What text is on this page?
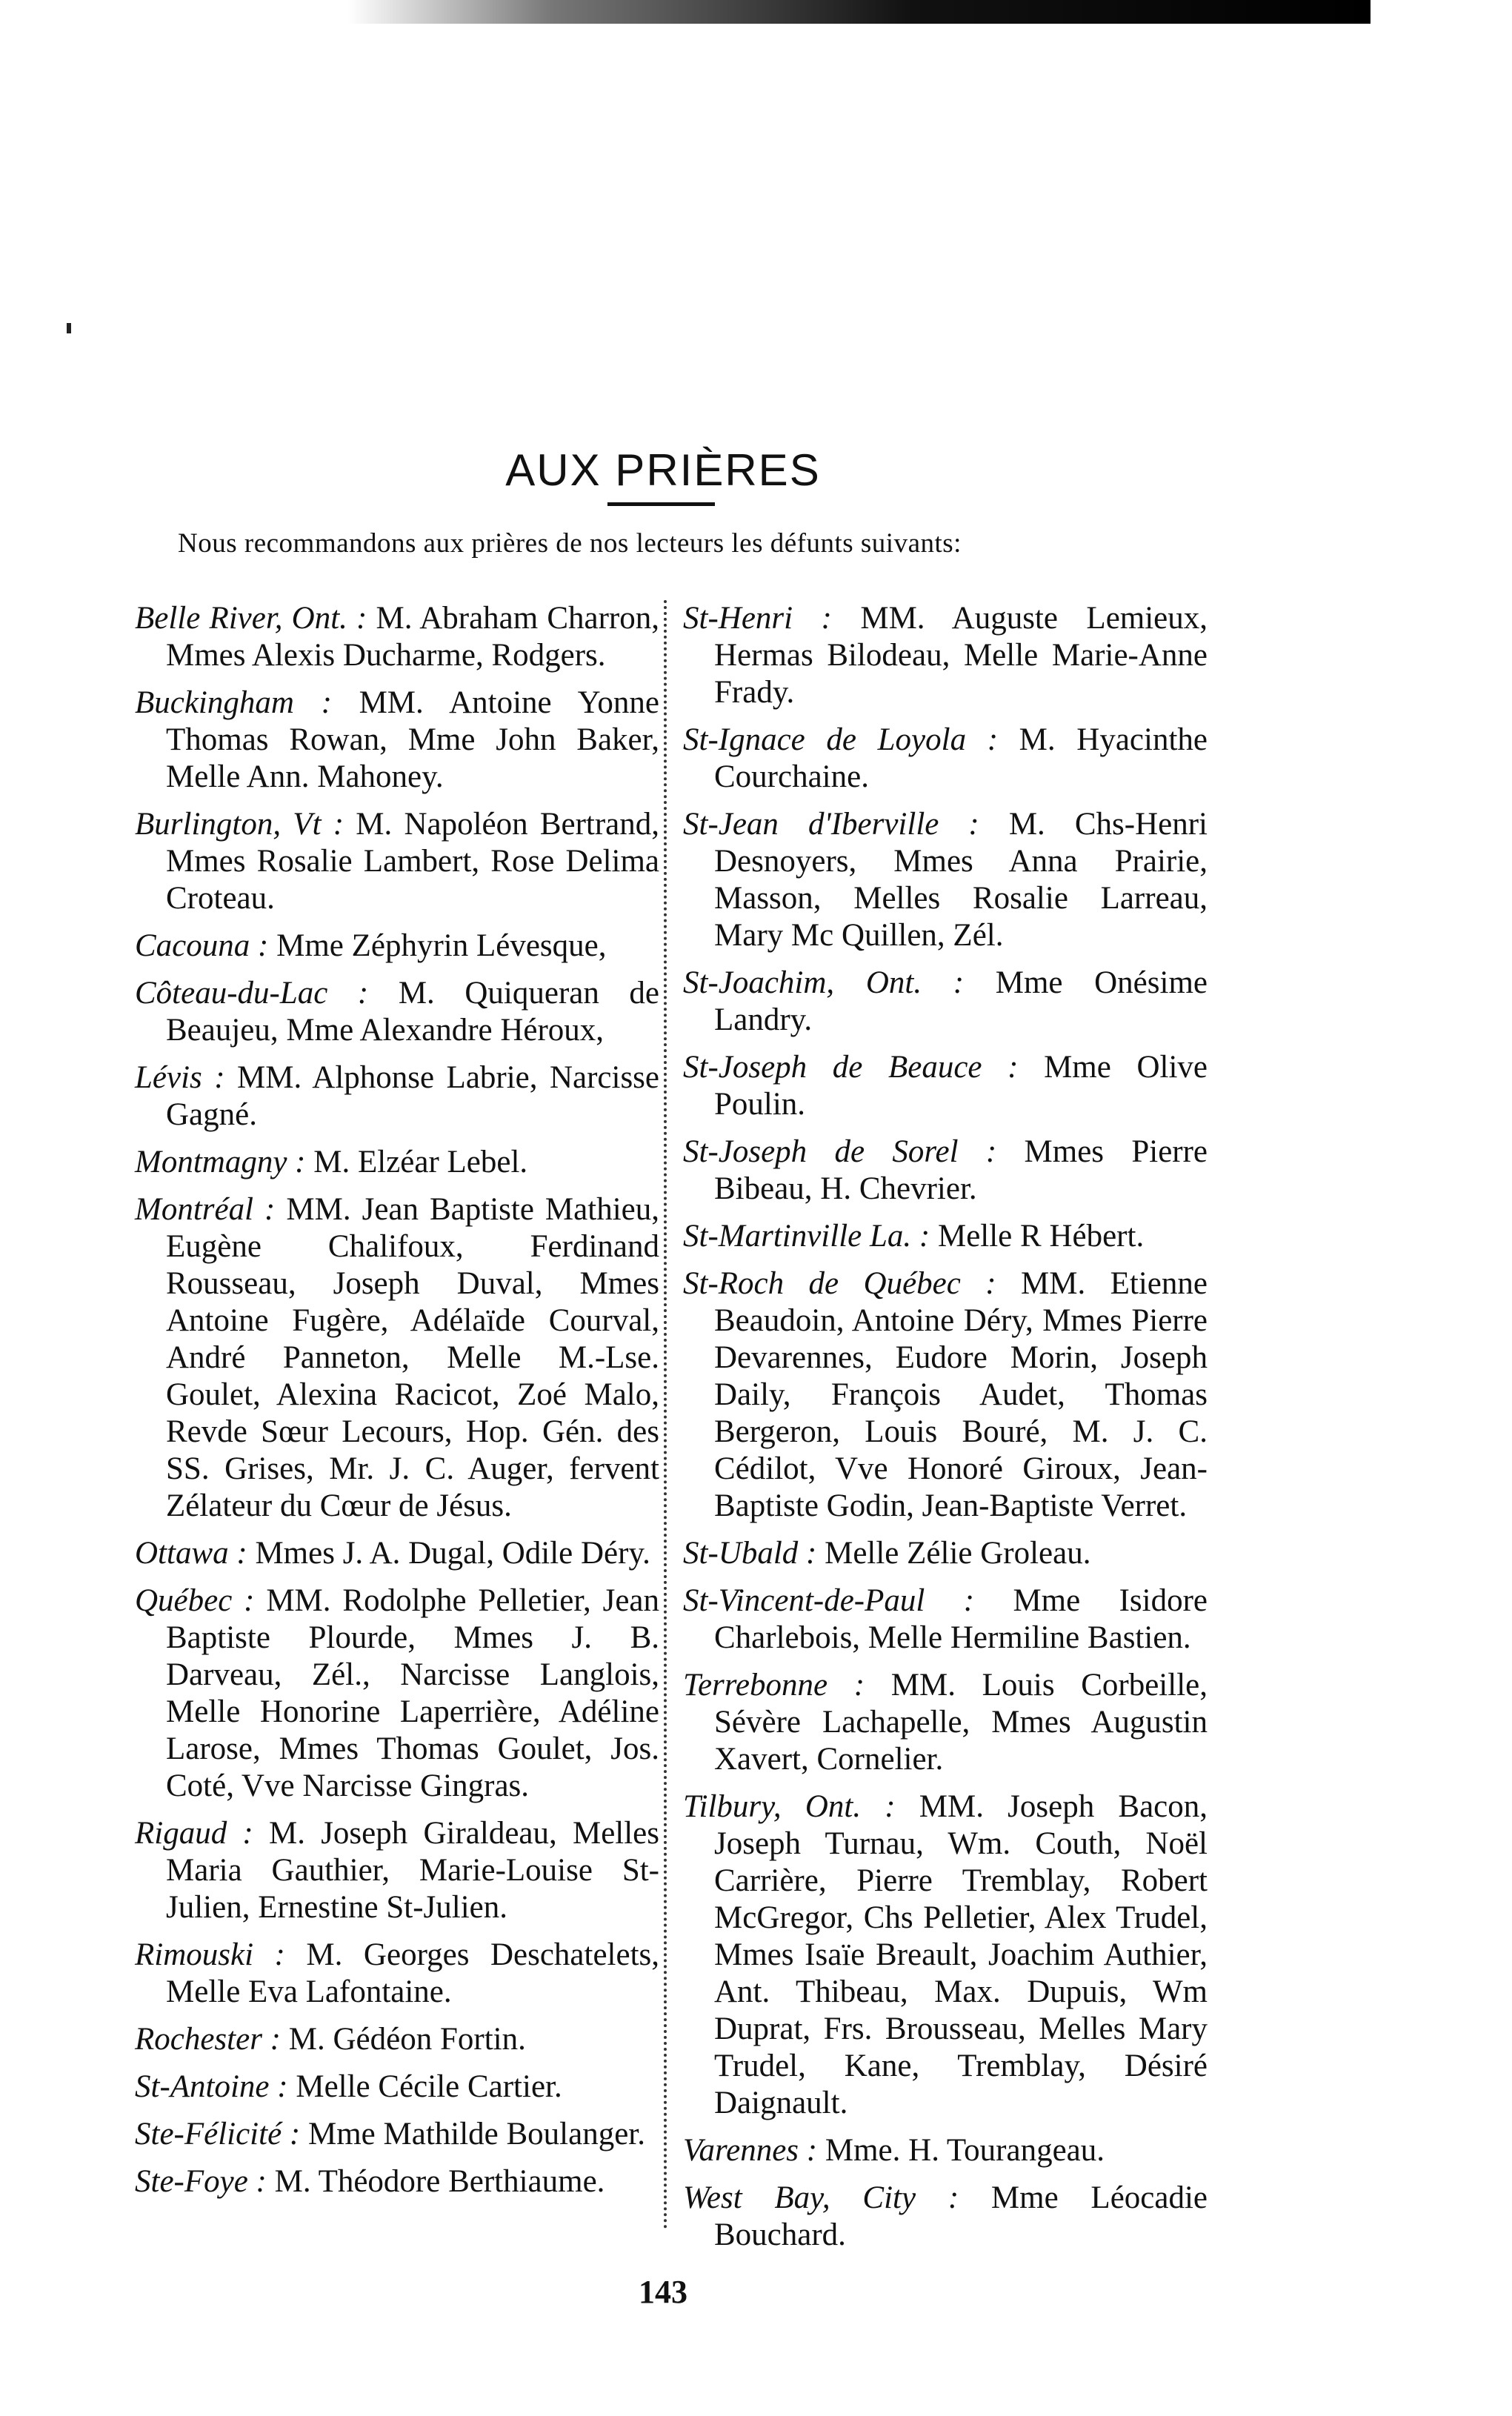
AUX PRIÈRES
Nous recommandons aux prières de nos lecteurs les défunts suivants:

Belle River, Ont. : M. Abraham Charron, Mmes Alexis Ducharme, Rodgers.

Buckingham : MM. Antoine Yonne Thomas Rowan, Mme John Baker, Melle Ann. Mahoney.

Burlington, Vt : M. Napoléon Bertrand, Mmes Rosalie Lambert, Rose Delima Croteau.

Cacouna : Mme Zéphyrin Lévesque,

Côteau-du-Lac : M. Quiqueran de Beaujeu, Mme Alexandre Héroux,

Lévis : MM. Alphonse Labrie, Narcisse Gagné.

Montmagny : M. Elzéar Lebel.

Montréal : MM. Jean Baptiste Mathieu, Eugène Chalifoux, Ferdinand Rousseau, Joseph Duval, Mmes Antoine Fugère, Adélaïde Courval, André Panneton, Melle M.-Lse. Goulet, Alexina Racicot, Zoé Malo, Revde Sœur Lecours, Hop. Gén. des SS. Grises, Mr. J. C. Auger, fervent Zélateur du Cœur de Jésus.

Ottawa : Mmes J. A. Dugal, Odile Déry.

Québec : MM. Rodolphe Pelletier, Jean Baptiste Plourde, Mmes J. B. Darveau, Zél., Narcisse Langlois, Melle Honorine Laperrière, Adéline Larose, Mmes Thomas Goulet, Jos. Coté, Vve Narcisse Gingras.

Rigaud : M. Joseph Giraldeau, Melles Maria Gauthier, Marie-Louise St-Julien, Ernestine St-Julien.

Rimouski : M. Georges Deschatelets, Melle Eva Lafontaine.

Rochester : M. Gédéon Fortin.

St-Antoine : Melle Cécile Cartier.

Ste-Félicité : Mme Mathilde Boulanger.

Ste-Foye : M. Théodore Berthiaume.

St-Henri : MM. Auguste Lemieux, Hermas Bilodeau, Melle Marie-Anne Frady.

St-Ignace de Loyola : M. Hyacinthe Courchaine.

St-Jean d'Iberville : M. Chs-Henri Desnoyers, Mmes Anna Prairie, Masson, Melles Rosalie Larreau, Mary Mc Quillen, Zél.

St-Joachim, Ont. : Mme Onésime Landry.

St-Joseph de Beauce : Mme Olive Poulin.

St-Joseph de Sorel : Mmes Pierre Bibeau, H. Chevrier.

St-Martinville La. : Melle R Hébert.

St-Roch de Québec : MM. Etienne Beaudoin, Antoine Déry, Mmes Pierre Devarennes, Eudore Morin, Joseph Daily, François Audet, Thomas Bergeron, Louis Bouré, M. J. C. Cédilot, Vve Honoré Giroux, Jean-Baptiste Godin, Jean-Baptiste Verret.

St-Ubald : Melle Zélie Groleau.

St-Vincent-de-Paul : Mme Isidore Charlebois, Melle Hermiline Bastien.

Terrebonne : MM. Louis Corbeille, Sévère Lachapelle, Mmes Augustin Xavert, Cornelier.

Tilbury, Ont. : MM. Joseph Bacon, Joseph Turnau, Wm. Couth, Noël Carrière, Pierre Tremblay, Robert McGregor, Chs Pelletier, Alex Trudel, Mmes Isaïe Breault, Joachim Authier, Ant. Thibeau, Max. Dupuis, Wm Duprat, Frs. Brousseau, Melles Mary Trudel, Kane, Tremblay, Désiré Daignault.

Varennes : Mme. H. Tourangeau.

West Bay, City : Mme Léocadie Bouchard.

143
